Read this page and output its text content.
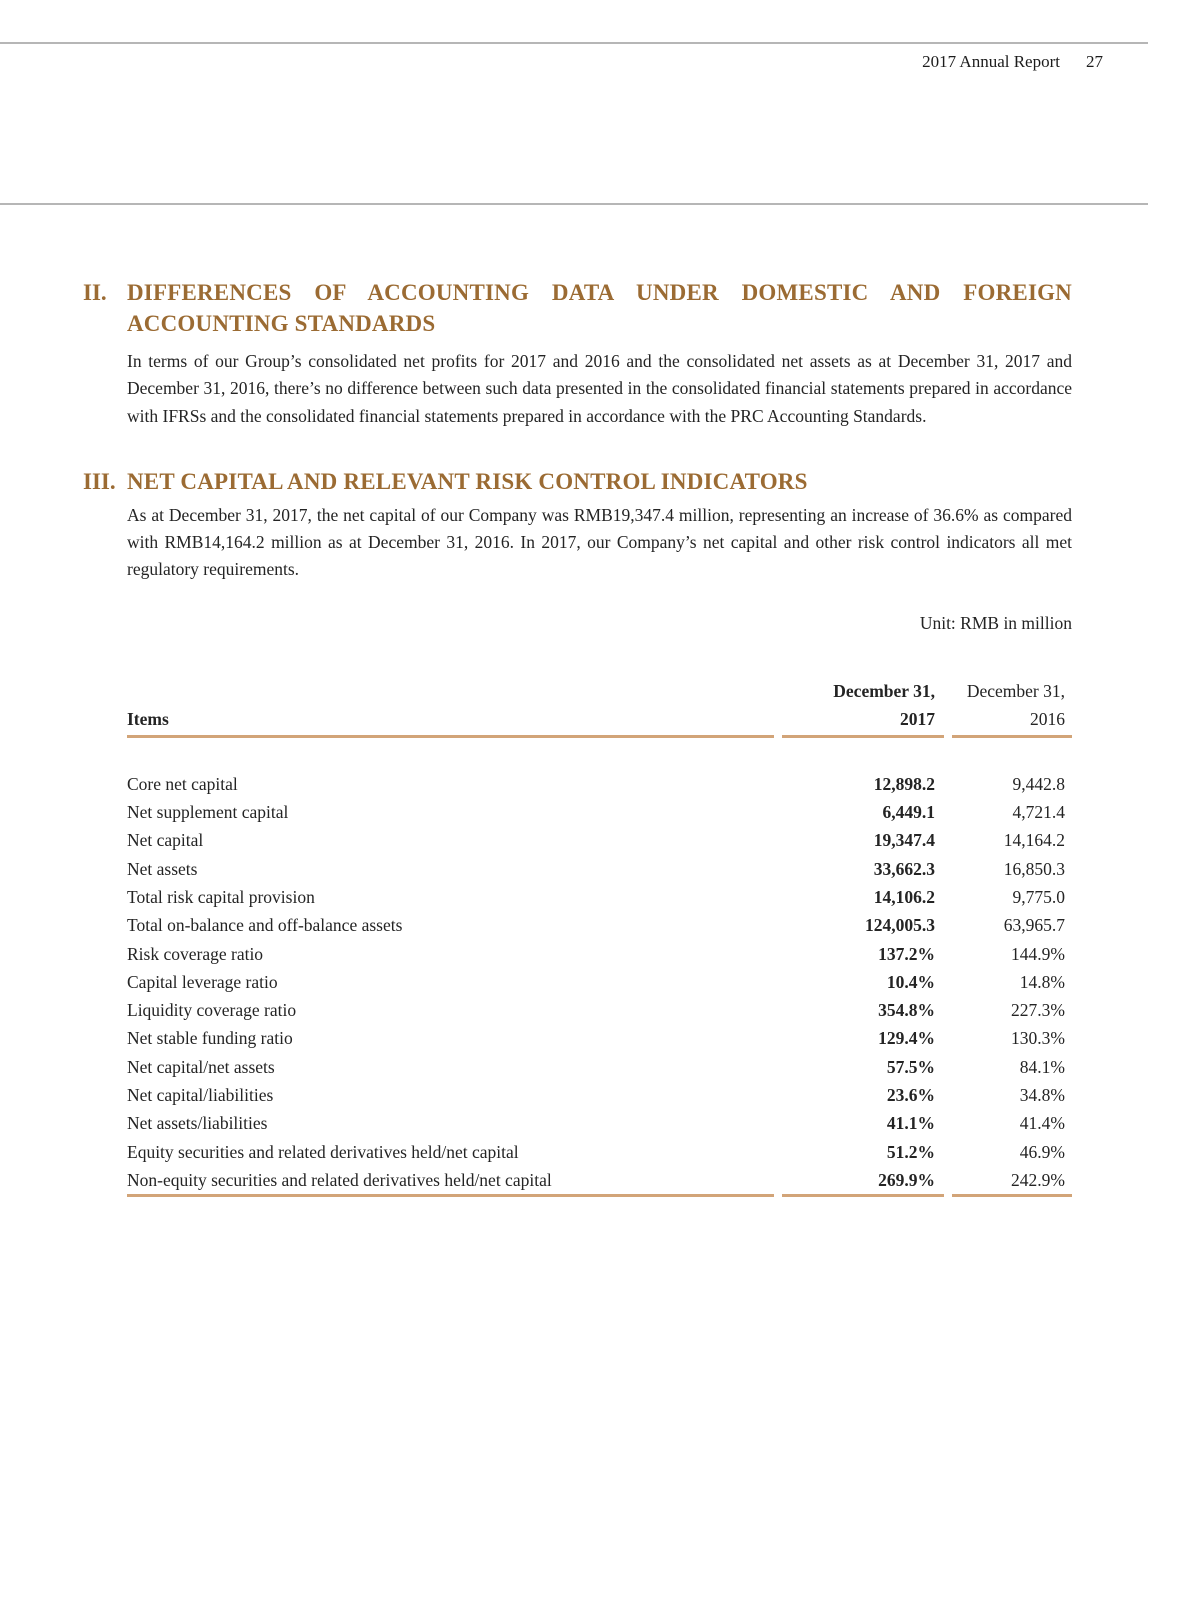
2017 Annual Report 27
II. DIFFERENCES OF ACCOUNTING DATA UNDER DOMESTIC AND FOREIGN
ACCOUNTING STANDARDS
In terms of our Group’s consolidated net profits for 2017 and 2016 and the consolidated net assets as at December 31, 2017 and December 31, 2016, there’s no difference between such data presented in the consolidated financial statements prepared in accordance with IFRSs and the consolidated financial statements prepared in accordance with the PRC Accounting Standards.
III. NET CAPITAL AND RELEVANT RISK CONTROL INDICATORS
As at December 31, 2017, the net capital of our Company was RMB19,347.4 million, representing an increase of 36.6% as compared with RMB14,164.2 million as at December 31, 2016. In 2017, our Company’s net capital and other risk control indicators all met regulatory requirements.
Unit: RMB in million
Items
December 31,
2017
December 31,
2016
Core net capital	12,898.2	9,442.8
Net supplement capital	6,449.1	4,721.4
Net capital	19,347.4	14,164.2
Net assets	33,662.3	16,850.3
Total risk capital provision	14,106.2	9,775.0
Total on-balance and off-balance assets	124,005.3	63,965.7
Risk coverage ratio	137.2%	144.9%
Capital leverage ratio	10.4%	14.8%
Liquidity coverage ratio	354.8%	227.3%
Net stable funding ratio	129.4%	130.3%
Net capital/net assets	57.5%	84.1%
Net capital/liabilities	23.6%	34.8%
Net assets/liabilities	41.1%	41.4%
Equity securities and related derivatives held/net capital	51.2%	46.9%
Non-equity securities and related derivatives held/net capital	269.9%	242.9%
